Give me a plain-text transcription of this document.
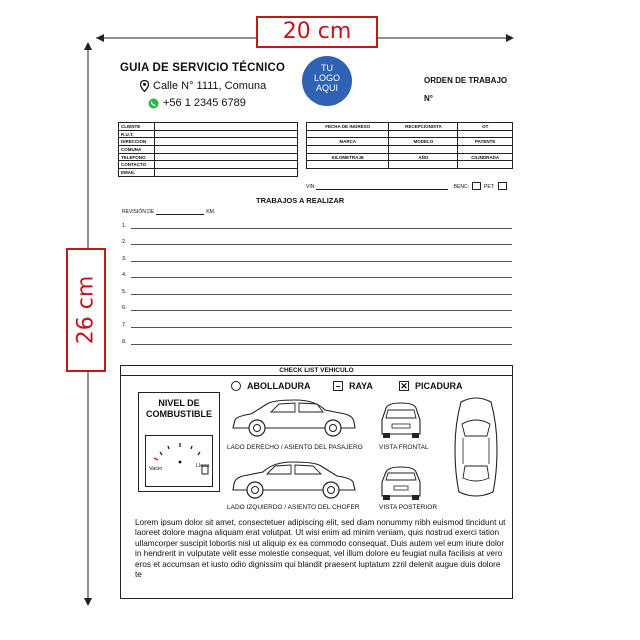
20 cm
26 cm
GUIA DE SERVICIO TÉCNICO
Calle N° 1111, Comuna
+56 1 2345 6789
TU
LOGO
AQUI
ORDEN DE TRABAJO
N°
CLIENTE	
R.U.T.	
DIRECCION	
COMUNA	
TELEFONO	
CONTACTO	
EMAIL	
FECHA DE INGRESO	RECEPCIONISTA	OT

MARCA	MODELO	PATENTE

KILOMETRAJE	AÑO	CILINDRADA

VIN:	BENC:	PET:
TRABAJOS A REALIZAR
REVISIÓN DE	KM.
1.
2.
3.
4.
5.
6.
7.
8.
CHECK LIST VEHICULO
ABOLLADURA	– RAYA	✕ PICADURA
NIVEL DE COMBUSTIBLE
Vacio	Lleno
LADO DERECHO / ASIENTO DEL PASAJERO	VISTA FRONTAL
LADO IZQUIERDO / ASIENTO DEL CHOFER	VISTA POSTERIOR
Lorem ipsum dolor sit amet, consectetuer adipiscing elit, sed diam nonummy nibh euismod tincidunt ut laoreet dolore magna aliquam erat volutpat. Ut wisi enim ad minim veniam, quis nostrud exerci tation ullamcorper suscipit lobortis nisl ut aliquip ex ea commodo consequat. Duis autem vel eum iriure dolor in hendrerit in vulputate velit esse molestie consequat, vel illum dolore eu feugiat nulla facilisis at vero eros et accumsan et iusto odio dignissim qui blandit praesent luptatum zzril delenit augue duis dolore te
